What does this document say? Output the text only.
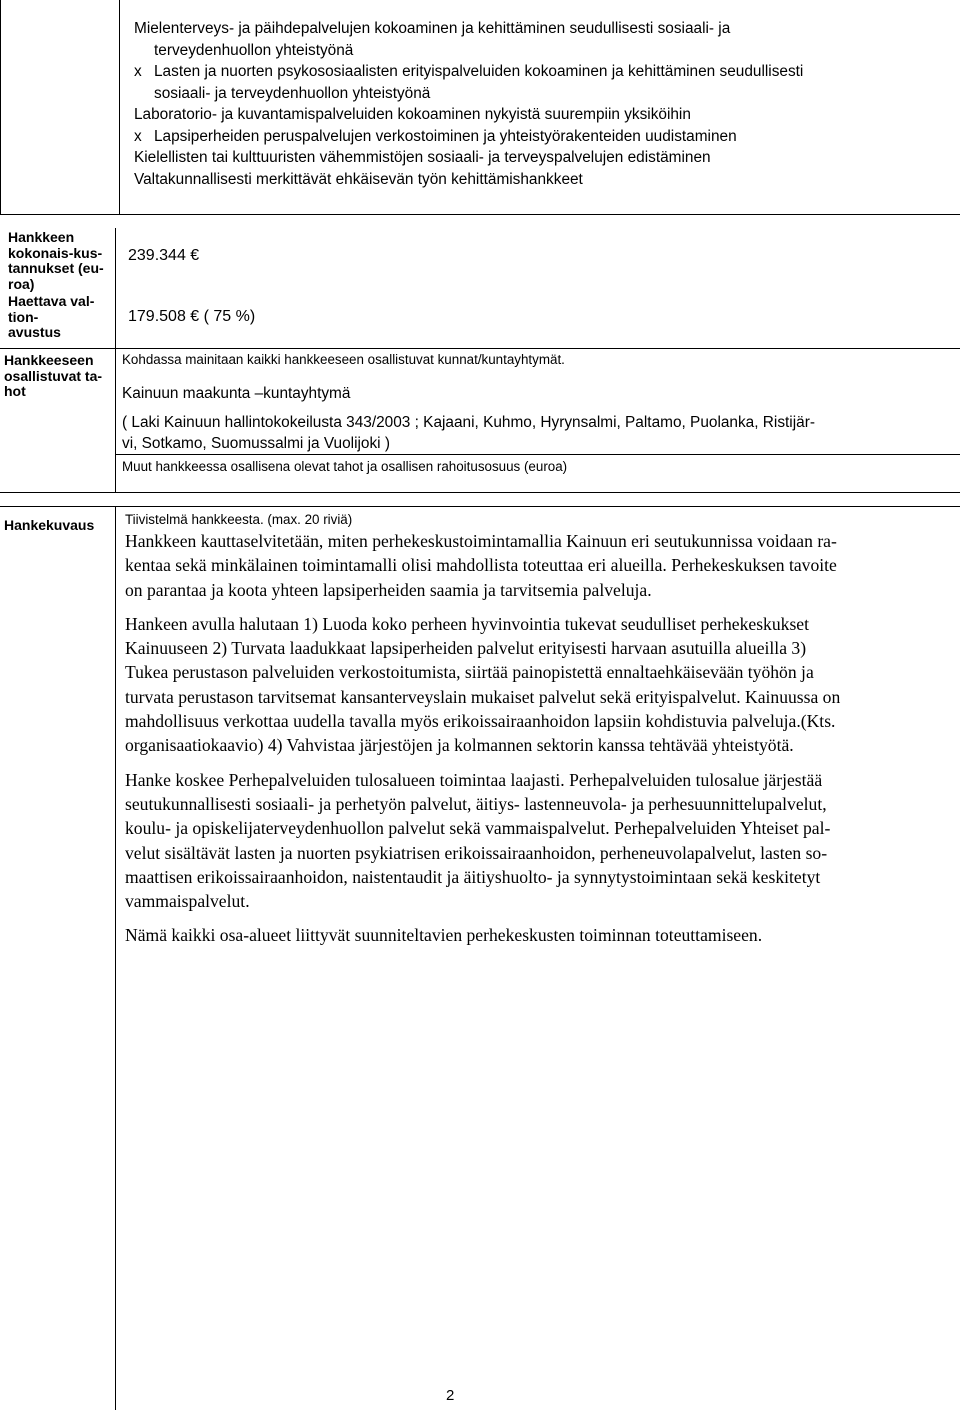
Mielenterveys- ja päihdepalvelujen kokoaminen ja kehittäminen seudullisesti sosiaali- ja
terveydenhuollon yhteistyönä
x Lasten ja nuorten psykososiaalisten erityispalveluiden kokoaminen ja kehittäminen seudullisesti
sosiaali- ja terveydenhuollon yhteistyönä
Laboratorio- ja kuvantamispalveluiden kokoaminen nykyistä suurempiin yksiköihin
x Lapsiperheiden peruspalvelujen verkostoiminen ja yhteistyörakenteiden uudistaminen
Kielellisten tai kulttuuristen vähemmistöjen sosiaali- ja terveyspalvelujen edistäminen
Valtakunnallisesti merkittävät ehkäisevän työn kehittämishankkeet
Hankkeen
kokonais-kus-
tannukset (eu-
roa)
239.344 €
Haettava val-
tion-
avustus
179.508 € ( 75 %)
Hankkeeseen
osallistuvat ta-
hot
Kohdassa mainitaan kaikki hankkeeseen osallistuvat kunnat/kuntayhtymät.
Kainuun maakunta –kuntayhtymä
( Laki Kainuun hallintokokeilusta 343/2003 ; Kajaani, Kuhmo, Hyrynsalmi, Paltamo, Puolanka, Ristijär-
vi, Sotkamo, Suomussalmi ja Vuolijoki )
Muut hankkeessa osallisena olevat tahot ja osallisen rahoitusosuus (euroa)
Hankekuvaus Tiivistelmä hankkeesta. (max. 20 riviä)
Hankkeen kauttaselvitetään, miten perhekeskustoimintamallia Kainuun eri seutukunnissa voidaan ra-
kentaa sekä minkälainen toimintamalli olisi mahdollista toteuttaa eri alueilla. Perhekeskuksen tavoite
on parantaa ja koota yhteen lapsiperheiden saamia ja tarvitsemia palveluja.
Hankeen avulla halutaan 1) Luoda koko perheen hyvinvointia tukevat seudulliset perhekeskukset
Kainuuseen 2) Turvata laadukkaat lapsiperheiden palvelut erityisesti harvaan asutuilla alueilla 3)
Tukea perustason palveluiden verkostoitumista, siirtää painopistettä ennaltaehkäisevään työhön ja
turvata perustason tarvitsemat kansanterveyslain mukaiset palvelut sekä erityispalvelut. Kainuussa on
mahdollisuus verkottaa uudella tavalla myös erikoissairaanhoidon lapsiin kohdistuvia palveluja.(Kts.
organisaatiokaavio) 4) Vahvistaa järjestöjen ja kolmannen sektorin kanssa tehtävää yhteistyötä.
Hanke koskee Perhepalveluiden tulosalueen toimintaa laajasti. Perhepalveluiden tulosalue järjestää
seutukunnallisesti sosiaali- ja perhetyön palvelut, äitiys- lastenneuvola- ja perhesuunnittelupalvelut,
koulu- ja opiskelijaterveydenhuollon palvelut sekä vammaispalvelut. Perhepalveluiden Yhteiset pal-
velut sisältävät lasten ja nuorten psykiatrisen erikoissairaanhoidon, perheneuvolapalvelut, lasten so-
maattisen erikoissairaanhoidon, naistentaudit ja äitiyshuolto- ja synnytystoimintaan sekä keskitetyt
vammaispalvelut.
Nämä kaikki osa-alueet liittyvät suunniteltavien perhekeskusten toiminnan toteuttamiseen.
2
